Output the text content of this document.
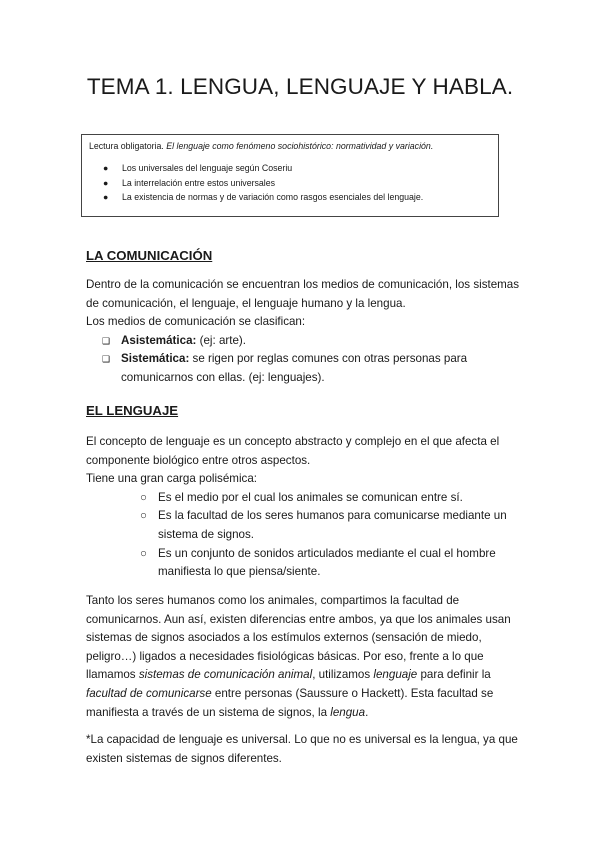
TEMA 1. LENGUA, LENGUAJE Y HABLA.

Lectura obligatoria. El lenguaje como fenómeno sociohistórico: normatividad y variación.

● Los universales del lenguaje según Coseriu
● La interrelación entre estos universales
● La existencia de normas y de variación como rasgos esenciales del lenguaje.
LA COMUNICACIÓN

Dentro de la comunicación se encuentran los medios de comunicación, los sistemas de comunicación, el lenguaje, el lenguaje humano y la lengua.

Los medios de comunicación se clasifican:

❑ Asistemática: (ej: arte).
❑ Sistemática: se rigen por reglas comunes con otras personas para comunicarnos con ellas. (ej: lenguajes).
EL LENGUAJE

El concepto de lenguaje es un concepto abstracto y complejo en el que afecta el componente biológico entre otros aspectos.

Tiene una gran carga polisémica:

○ Es el medio por el cual los animales se comunican entre sí.
○ Es la facultad de los seres humanos para comunicarse mediante un sistema de signos.
○ Es un conjunto de sonidos articulados mediante el cual el hombre manifiesta lo que piensa/siente.

Tanto los seres humanos como los animales, compartimos la facultad de comunicarnos. Aun así, existen diferencias entre ambos, ya que los animales usan sistemas de signos asociados a los estímulos externos (sensación de miedo, peligro…) ligados a necesidades fisiológicas básicas. Por eso, frente a lo que llamamos sistemas de comunicación animal, utilizamos lenguaje para definir la facultad de comunicarse entre personas (Saussure o Hackett). Esta facultad se manifiesta a través de un sistema de signos, la lengua.

*La capacidad de lenguaje es universal. Lo que no es universal es la lengua, ya que existen sistemas de signos diferentes.
